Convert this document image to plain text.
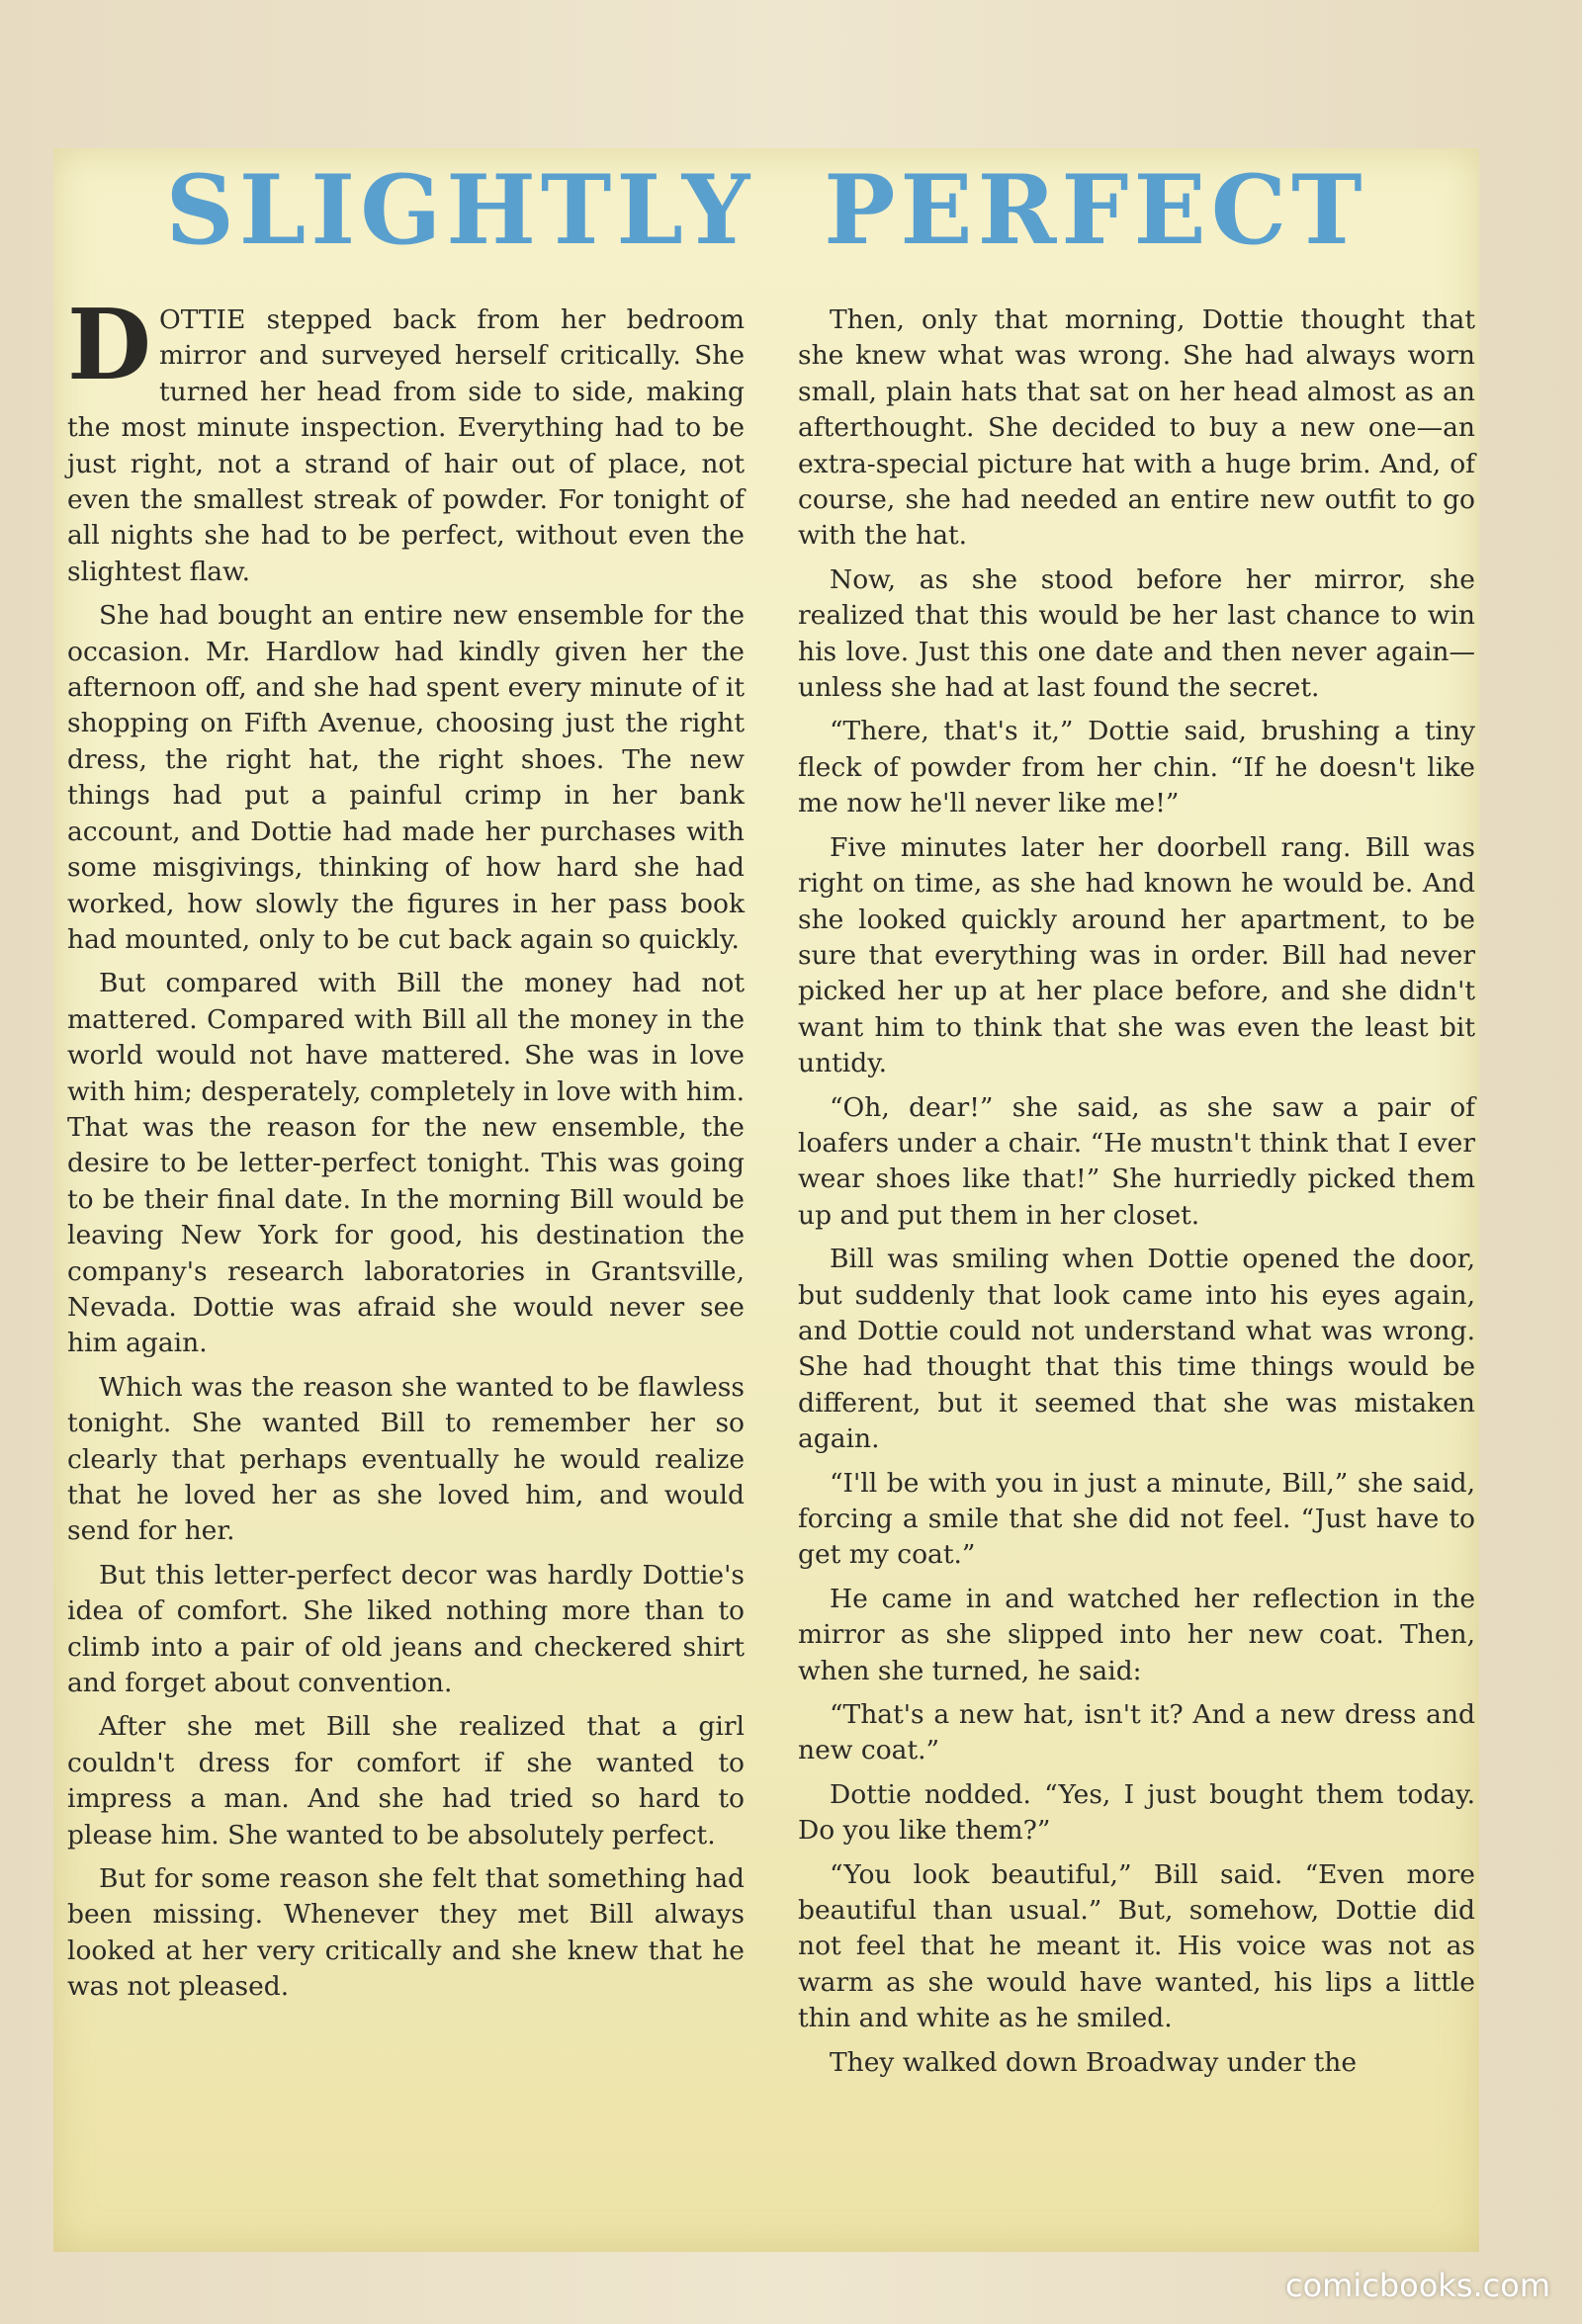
SLIGHTLY PERFECT

DOTTIE stepped back from her bedroom mirror and surveyed herself critically. She turned her head from side to side, making the most minute inspection. Everything had to be just right, not a strand of hair out of place, not even the smallest streak of powder. For tonight of all nights she had to be perfect, without even the slightest flaw.

She had bought an entire new ensemble for the occasion. Mr. Hardlow had kindly given her the afternoon off, and she had spent every minute of it shopping on Fifth Avenue, choosing just the right dress, the right hat, the right shoes. The new things had put a painful crimp in her bank account, and Dottie had made her purchases with some misgivings, thinking of how hard she had worked, how slowly the figures in her pass book had mounted, only to be cut back again so quickly.

But compared with Bill the money had not mattered. Compared with Bill all the money in the world would not have mattered. She was in love with him; desperately, completely in love with him. That was the reason for the new ensemble, the desire to be letter-perfect tonight. This was going to be their final date. In the morning Bill would be leaving New York for good, his destination the company's research laboratories in Grantsville, Nevada. Dottie was afraid she would never see him again.

Which was the reason she wanted to be flawless tonight. She wanted Bill to remember her so clearly that perhaps eventually he would realize that he loved her as she loved him, and would send for her.

But this letter-perfect decor was hardly Dottie's idea of comfort. She liked nothing more than to climb into a pair of old jeans and checkered shirt and forget about convention.

After she met Bill she realized that a girl couldn't dress for comfort if she wanted to impress a man. And she had tried so hard to please him. She wanted to be absolutely perfect.

But for some reason she felt that something had been missing. Whenever they met Bill always looked at her very critically and she knew that he was not pleased.

Then, only that morning, Dottie thought that she knew what was wrong. She had always worn small, plain hats that sat on her head almost as an afterthought. She decided to buy a new one—an extra-special picture hat with a huge brim. And, of course, she had needed an entire new outfit to go with the hat.

Now, as she stood before her mirror, she realized that this would be her last chance to win his love. Just this one date and then never again—unless she had at last found the secret.

“There, that's it,” Dottie said, brushing a tiny fleck of powder from her chin. “If he doesn't like me now he'll never like me!”

Five minutes later her doorbell rang. Bill was right on time, as she had known he would be. And she looked quickly around her apartment, to be sure that everything was in order. Bill had never picked her up at her place before, and she didn't want him to think that she was even the least bit untidy.

“Oh, dear!” she said, as she saw a pair of loafers under a chair. “He mustn't think that I ever wear shoes like that!” She hurriedly picked them up and put them in her closet.

Bill was smiling when Dottie opened the door, but suddenly that look came into his eyes again, and Dottie could not understand what was wrong. She had thought that this time things would be different, but it seemed that she was mistaken again.

“I'll be with you in just a minute, Bill,” she said, forcing a smile that she did not feel. “Just have to get my coat.”

He came in and watched her reflection in the mirror as she slipped into her new coat. Then, when she turned, he said:

“That's a new hat, isn't it? And a new dress and new coat.”

Dottie nodded. “Yes, I just bought them today. Do you like them?”

“You look beautiful,” Bill said. “Even more beautiful than usual.” But, somehow, Dottie did not feel that he meant it. His voice was not as warm as she would have wanted, his lips a little thin and white as he smiled.

They walked down Broadway under the

comicbooks.com
